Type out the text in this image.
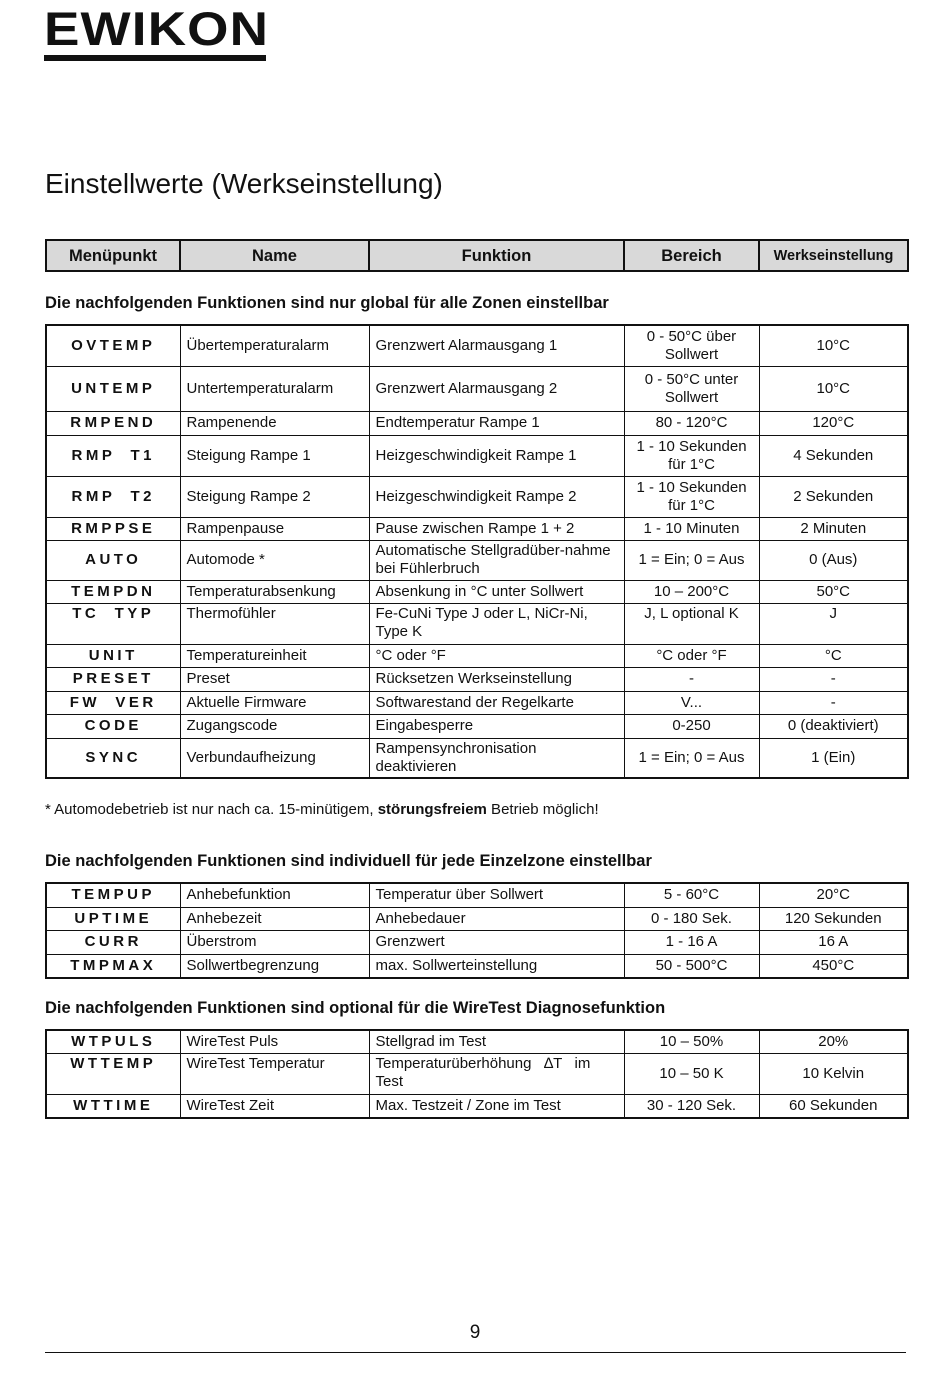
EWIKON
Einstellwerte (Werkseinstellung)
Menüpunkt	Name	Funktion	Bereich	Werkseinstellung
Die nachfolgenden Funktionen sind nur global für alle Zonen einstellbar
OVTEMP	Übertemperaturalarm	Grenzwert Alarmausgang 1	0 - 50°C über Sollwert	10°C
UNTEMP	Untertemperaturalarm	Grenzwert Alarmausgang 2	0 - 50°C unter Sollwert	10°C
RMPEND	Rampenende	Endtemperatur Rampe 1	80 - 120°C	120°C
RMP  T1	Steigung Rampe 1	Heizgeschwindigkeit Rampe 1	1 - 10 Sekunden für 1°C	4 Sekunden
RMP  T2	Steigung Rampe 2	Heizgeschwindigkeit Rampe 2	1 - 10 Sekunden für 1°C	2 Sekunden
RMPPSE	Rampenpause	Pause zwischen Rampe 1 + 2	1 - 10 Minuten	2 Minuten
AUTO	Automode *	Automatische Stellgradüber-nahme bei Fühlerbruch	1 = Ein; 0 = Aus	0 (Aus)
TEMPDN	Temperaturabsenkung	Absenkung in °C unter Sollwert	10 – 200°C	50°C
TC  TYP	Thermofühler	Fe-CuNi Type J oder L, NiCr-Ni, Type K	J, L optional K	J
UNIT	Temperatureinheit	°C oder °F	°C oder °F	°C
PRESET	Preset	Rücksetzen Werkseinstellung	-	-
FW  VER	Aktuelle Firmware	Softwarestand der Regelkarte	V...	-
CODE	Zugangscode	Eingabesperre	0-250	0 (deaktiviert)
SYNC	Verbundaufheizung	Rampensynchronisation deaktivieren	1 = Ein; 0 = Aus	1 (Ein)
* Automodebetrieb ist nur nach ca. 15-minütigem, störungsfreiem Betrieb möglich!
Die nachfolgenden Funktionen sind individuell für jede Einzelzone einstellbar
TEMPUP	Anhebefunktion	Temperatur über Sollwert	5 - 60°C	20°C
UPTIME	Anhebezeit	Anhebedauer	0 - 180 Sek.	120 Sekunden
CURR	Überstrom	Grenzwert	1 - 16 A	16 A
TMPMAX	Sollwertbegrenzung	max. Sollwerteinstellung	50 - 500°C	450°C
Die nachfolgenden Funktionen sind optional für die WireTest Diagnosefunktion
WTPULS	WireTest Puls	Stellgrad im Test	10 – 50%	20%
WTTEMP	WireTest Temperatur	Temperaturüberhöhung   ∆T   im Test	10 – 50 K	10 Kelvin
WTTIME	WireTest Zeit	Max. Testzeit / Zone im Test	30 - 120 Sek.	60 Sekunden
9
